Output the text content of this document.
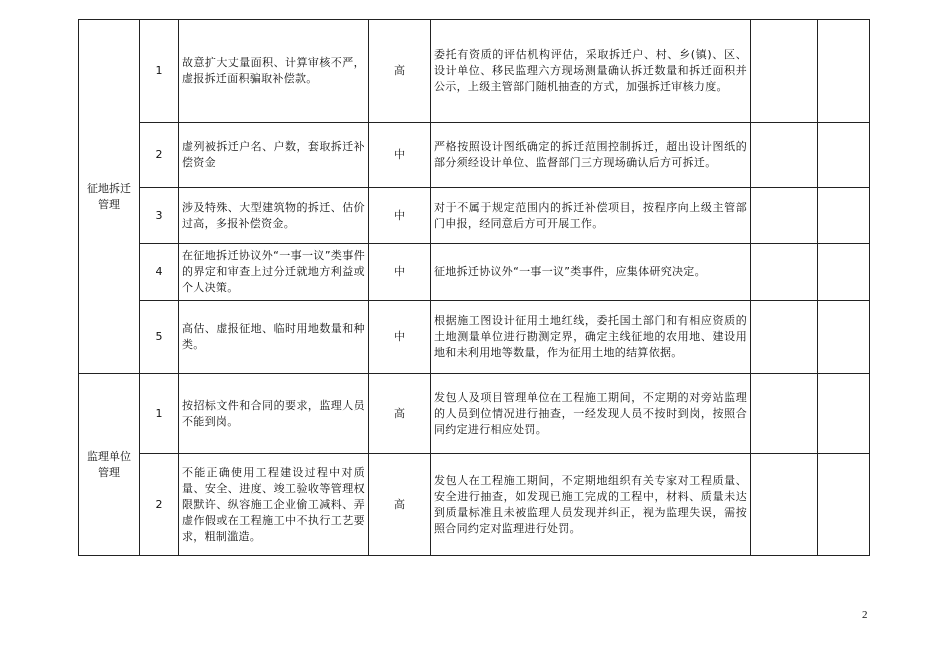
征地拆迁
管理	1	故意扩大丈量面积、计算审核不严，虚报拆迁面积骗取补偿款。	高	委托有资质的评估机构评估，采取拆迁户、村、乡(镇)、区、设计单位、移民监理六方现场测量确认拆迁数量和拆迁面积并公示，上级主管部门随机抽查的方式，加强拆迁审核力度。		
	2	虚列被拆迁户名、户数，套取拆迁补偿资金	中	严格按照设计图纸确定的拆迁范围控制拆迁，超出设计图纸的部分须经设计单位、监督部门三方现场确认后方可拆迁。		
	3	涉及特殊、大型建筑物的拆迁、估价过高，多报补偿资金。	中	对于不属于规定范围内的拆迁补偿项目，按程序向上级主管部门申报，经同意后方可开展工作。		
	4	在征地拆迁协议外“一事一议”类事件的界定和审查上过分迁就地方利益或个人决策。	中	征地拆迁协议外“一事一议”类事件，应集体研究决定。		
	5	高估、虚报征地、临时用地数量和种类。	中	根据施工图设计征用土地红线，委托国土部门和有相应资质的土地测量单位进行勘测定界，确定主线征地的农用地、建设用地和未利用地等数量，作为征用土地的结算依据。		
监理单位
管理	1	按招标文件和合同的要求，监理人员不能到岗。	高	发包人及项目管理单位在工程施工期间，不定期的对旁站监理的人员到位情况进行抽查，一经发现人员不按时到岗，按照合同约定进行相应处罚。		
	2	不能正确使用工程建设过程中对质量、安全、进度、竣工验收等管理权限默许、纵容施工企业偷工减料、弄虚作假或在工程施工中不执行工艺要求，粗制滥造。	高	发包人在工程施工期间，不定期地组织有关专家对工程质量、安全进行抽查，如发现已施工完成的工程中，材料、质量未达到质量标准且未被监理人员发现并纠正，视为监理失误，需按照合同约定对监理进行处罚。		
2
